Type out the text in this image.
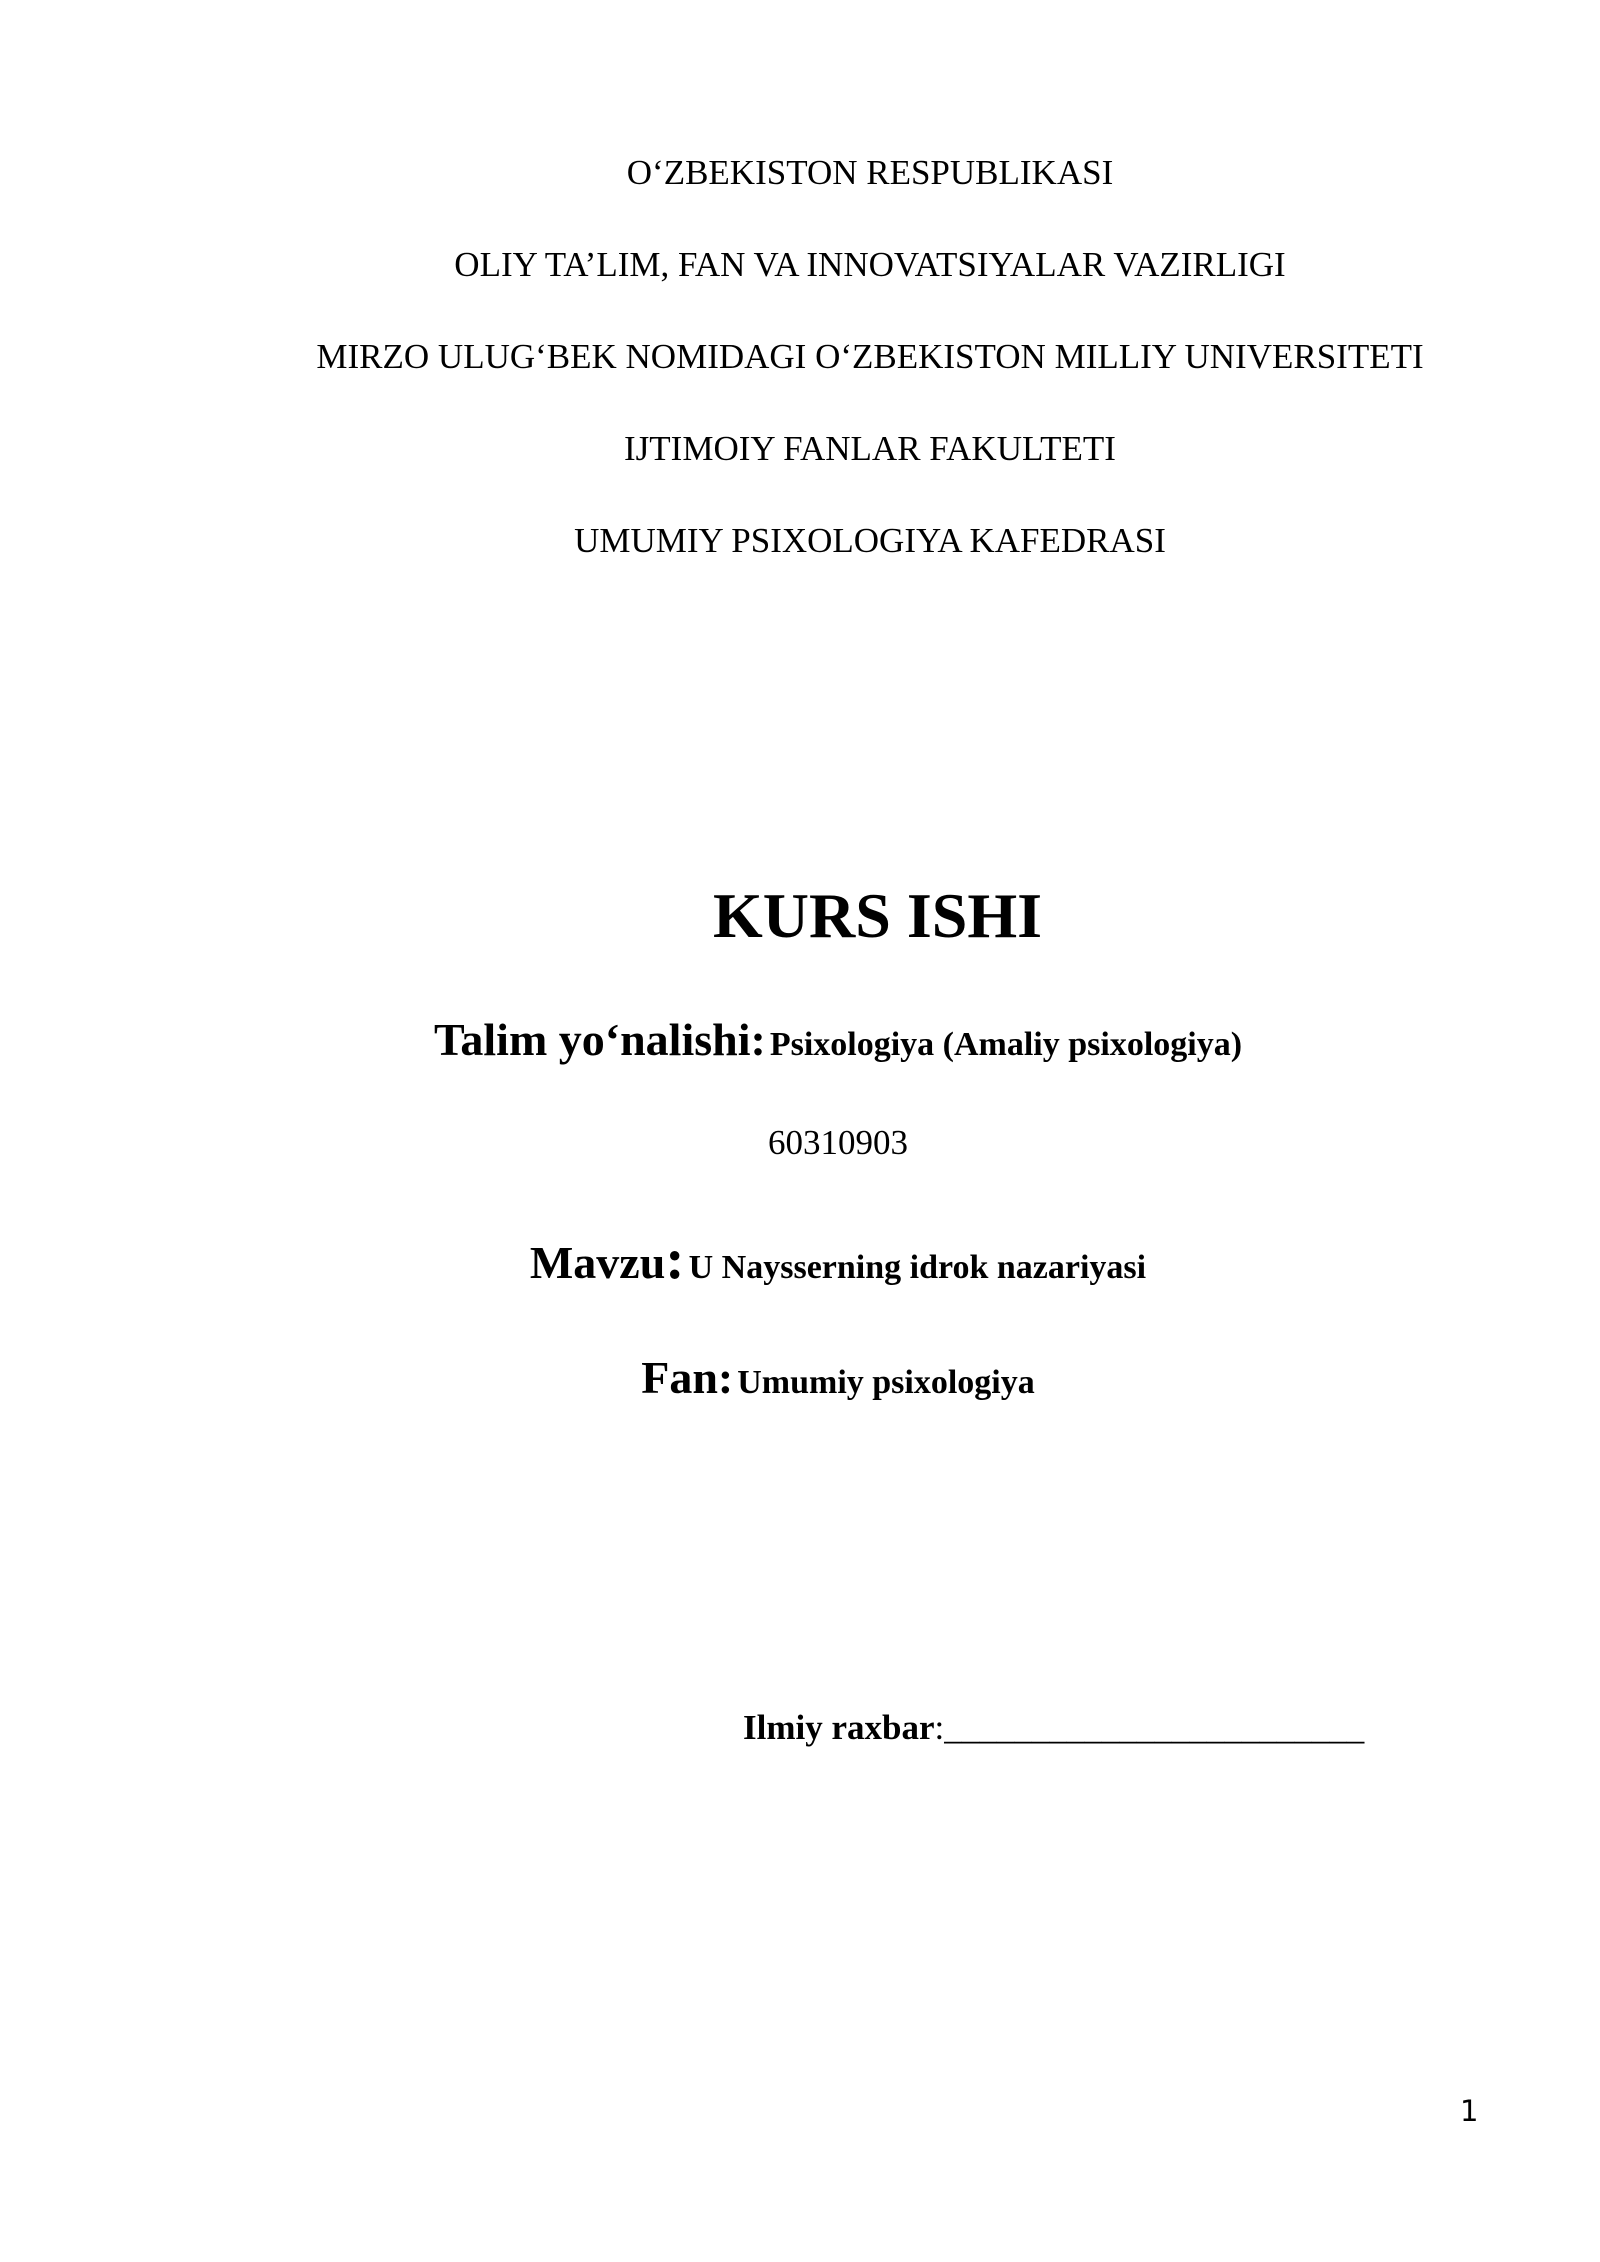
O‘ZBEKISTON RESPUBLIKASI
OLIY TA’LIM, FAN VA INNOVATSIYALAR VAZIRLIGI
MIRZO ULUG‘BEK NOMIDAGI O‘ZBEKISTON MILLIY UNIVERSITETI
IJTIMOIY FANLAR FAKULTETI
UMUMIY PSIXOLOGIYA KAFEDRASI
KURS ISHI
Talim yo‘nalishi: Psixologiya (Amaliy psixologiya)
60310903
Mavzu: U Naysserning idrok nazariyasi
Fan: Umumiy psixologiya
Ilmiy raxbar:________________________
1
